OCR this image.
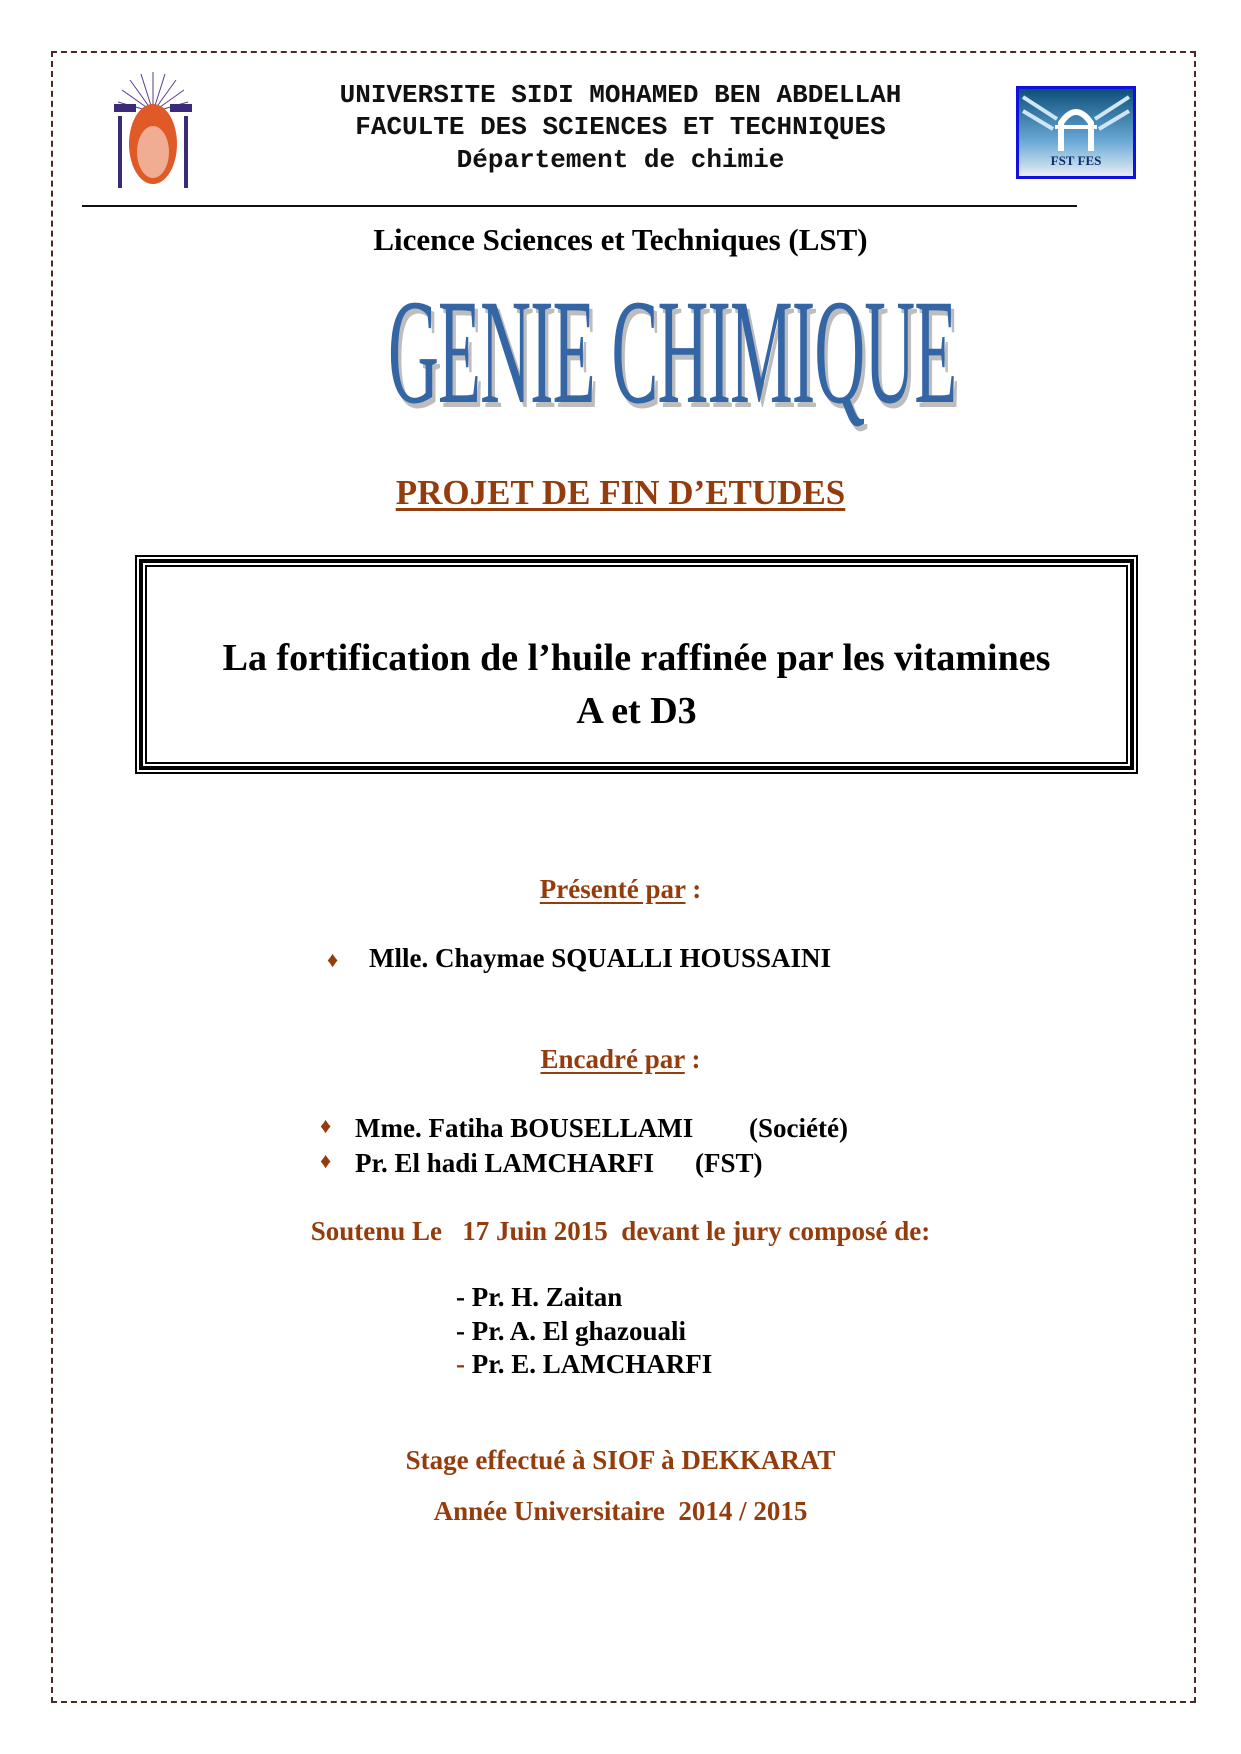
UNIVERSITE SIDI MOHAMED BEN ABDELLAH
FACULTE DES SCIENCES ET TECHNIQUES
Département de chimie	FST FES
Licence Sciences et Techniques (LST)
GENIE CHIMIQUE
PROJET DE FIN D’ETUDES
La fortification de l’huile raffinée par les vitamines
A et D3
Présenté par :
♦ Mlle. Chaymae SQUALLI HOUSSAINI
Encadré par :
♦ Mme. Fatiha BOUSELLAMI (Société)
♦ Pr. El hadi LAMCHARFI (FST)
Soutenu Le   17 Juin 2015  devant le jury composé de:
- Pr. H. Zaitan
- Pr. A. El ghazouali
- Pr. E. LAMCHARFI
Stage effectué à SIOF à DEKKARAT
Année Universitaire  2014 / 2015
